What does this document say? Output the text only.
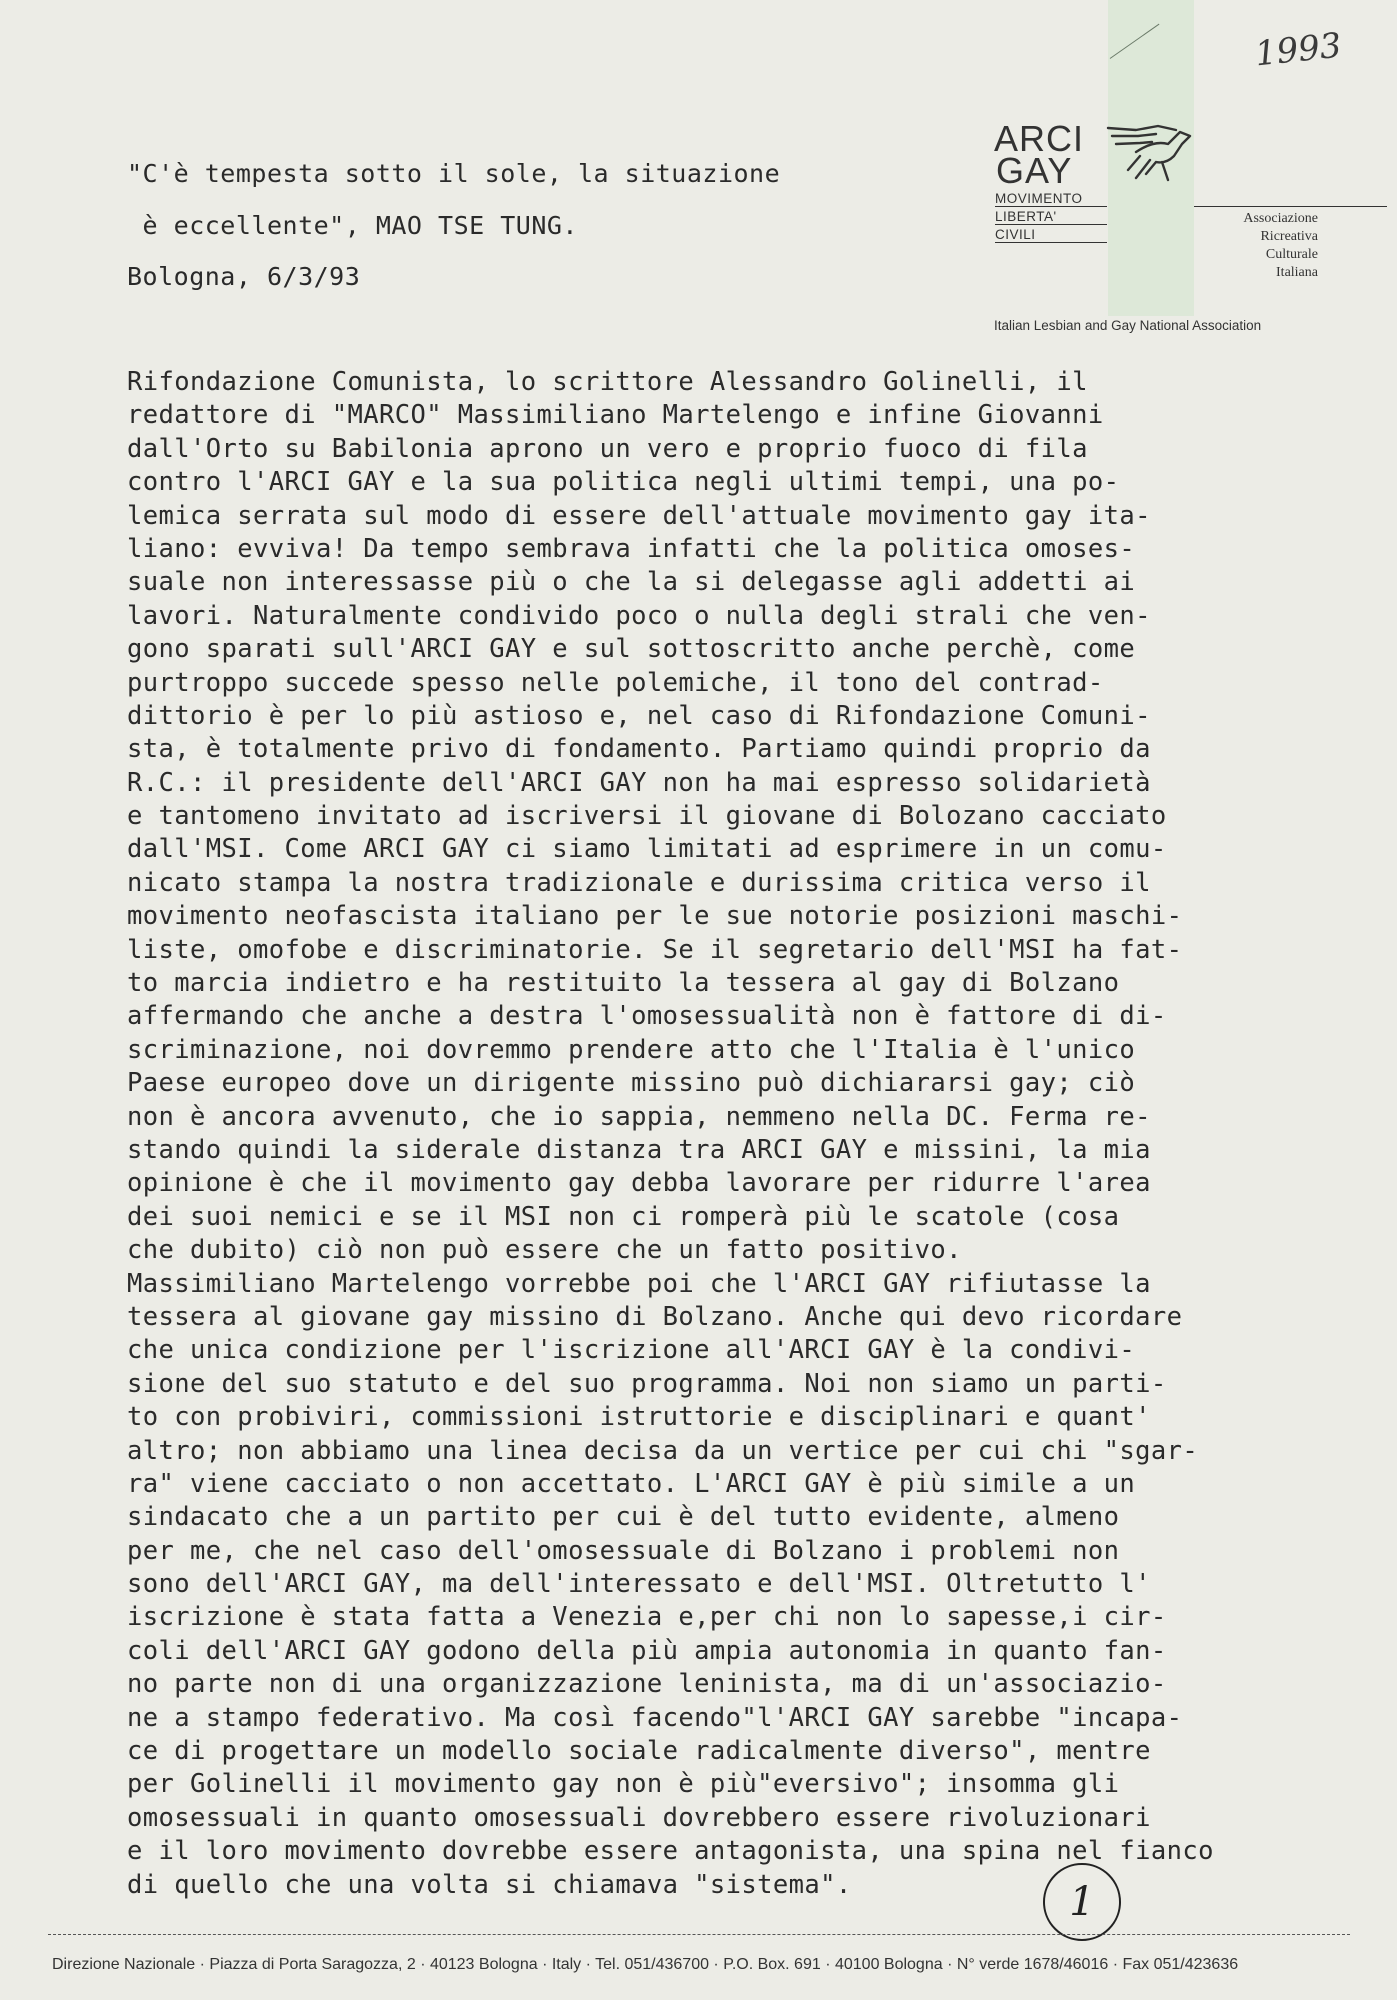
1993
ARCI
GAY
MOVIMENTO
LIBERTA'
CIVILI
Associazione
Ricreativa
Culturale
Italiana
Italian Lesbian and Gay National Association
"C'è tempesta sotto il sole, la situazione
è eccellente", MAO TSE TUNG.
Bologna, 6/3/93
Rifondazione Comunista, lo scrittore Alessandro Golinelli, il
redattore di "MARCO" Massimiliano Martelengo e infine Giovanni
dall'Orto su Babilonia aprono un vero e proprio fuoco di fila
contro l'ARCI GAY e la sua politica negli ultimi tempi, una po-
lemica serrata sul modo di essere dell'attuale movimento gay ita-
liano: evviva! Da tempo sembrava infatti che la politica omoses-
suale non interessasse più o che la si delegasse agli addetti ai
lavori. Naturalmente condivido poco o nulla degli strali che ven-
gono sparati sull'ARCI GAY e sul sottoscritto anche perchè, come
purtroppo succede spesso nelle polemiche, il tono del contrad-
dittorio è per lo più astioso e, nel caso di Rifondazione Comuni-
sta, è totalmente privo di fondamento. Partiamo quindi proprio da
R.C.: il presidente dell'ARCI GAY non ha mai espresso solidarietà
e tantomeno invitato ad iscriversi il giovane di Bolozano cacciato
dall'MSI. Come ARCI GAY ci siamo limitati ad esprimere in un comu-
nicato stampa la nostra tradizionale e durissima critica verso il
movimento neofascista italiano per le sue notorie posizioni maschi-
liste, omofobe e discriminatorie. Se il segretario dell'MSI ha fat-
to marcia indietro e ha restituito la tessera al gay di Bolzano
affermando che anche a destra l'omosessualità non è fattore di di-
scriminazione, noi dovremmo prendere atto che l'Italia è l'unico
Paese europeo dove un dirigente missino può dichiararsi gay; ciò
non è ancora avvenuto, che io sappia, nemmeno nella DC. Ferma re-
stando quindi la siderale distanza tra ARCI GAY e missini, la mia
opinione è che il movimento gay debba lavorare per ridurre l'area
dei suoi nemici e se il MSI non ci romperà più le scatole (cosa
che dubito) ciò non può essere che un fatto positivo.
Massimiliano Martelengo vorrebbe poi che l'ARCI GAY rifiutasse la
tessera al giovane gay missino di Bolzano. Anche qui devo ricordare
che unica condizione per l'iscrizione all'ARCI GAY è la condivi-
sione del suo statuto e del suo programma. Noi non siamo un parti-
to con probiviri, commissioni istruttorie e disciplinari e quant'
altro; non abbiamo una linea decisa da un vertice per cui chi "sgar-
ra" viene cacciato o non accettato. L'ARCI GAY è più simile a un
sindacato che a un partito per cui è del tutto evidente, almeno
per me, che nel caso dell'omosessuale di Bolzano i problemi non
sono dell'ARCI GAY, ma dell'interessato e dell'MSI. Oltretutto l'
iscrizione è stata fatta a Venezia e,per chi non lo sapesse,i cir-
coli dell'ARCI GAY godono della più ampia autonomia in quanto fan-
no parte non di una organizzazione leninista, ma di un'associazio-
ne a stampo federativo. Ma così facendo"l'ARCI GAY sarebbe "incapa-
ce di progettare un modello sociale radicalmente diverso", mentre
per Golinelli il movimento gay non è più"eversivo"; insomma gli
omosessuali in quanto omosessuali dovrebbero essere rivoluzionari
e il loro movimento dovrebbe essere antagonista, una spina nel fianco
di quello che una volta si chiamava "sistema".	1
Direzione Nazionale · Piazza di Porta Saragozza, 2 · 40123 Bologna · Italy · Tel. 051/436700 · P.O. Box. 691 · 40100 Bologna · N° verde 1678/46016 · Fax 051/423636
